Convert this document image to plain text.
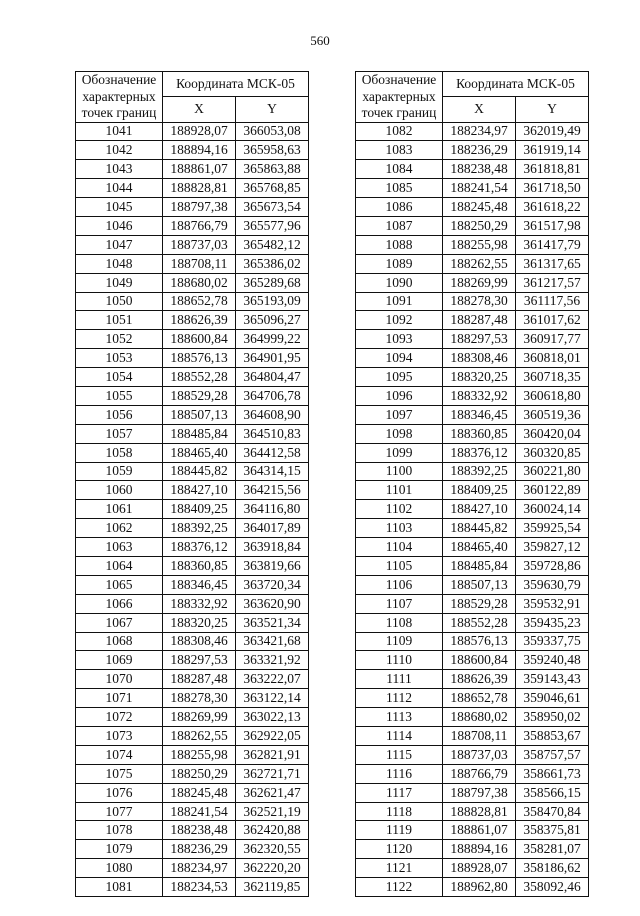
560
Обозначение характерных точек границ	Координата МСК-05	
	X	Y
1041	188928,07	366053,08
1042	188894,16	365958,63
1043	188861,07	365863,88
1044	188828,81	365768,85
1045	188797,38	365673,54
1046	188766,79	365577,96
1047	188737,03	365482,12
1048	188708,11	365386,02
1049	188680,02	365289,68
1050	188652,78	365193,09
1051	188626,39	365096,27
1052	188600,84	364999,22
1053	188576,13	364901,95
1054	188552,28	364804,47
1055	188529,28	364706,78
1056	188507,13	364608,90
1057	188485,84	364510,83
1058	188465,40	364412,58
1059	188445,82	364314,15
1060	188427,10	364215,56
1061	188409,25	364116,80
1062	188392,25	364017,89
1063	188376,12	363918,84
1064	188360,85	363819,66
1065	188346,45	363720,34
1066	188332,92	363620,90
1067	188320,25	363521,34
1068	188308,46	363421,68
1069	188297,53	363321,92
1070	188287,48	363222,07
1071	188278,30	363122,14
1072	188269,99	363022,13
1073	188262,55	362922,05
1074	188255,98	362821,91
1075	188250,29	362721,71
1076	188245,48	362621,47
1077	188241,54	362521,19
1078	188238,48	362420,88
1079	188236,29	362320,55
1080	188234,97	362220,20
1081	188234,53	362119,85
Обозначение характерных точек границ	Координата МСК-05	
	X	Y
1082	188234,97	362019,49
1083	188236,29	361919,14
1084	188238,48	361818,81
1085	188241,54	361718,50
1086	188245,48	361618,22
1087	188250,29	361517,98
1088	188255,98	361417,79
1089	188262,55	361317,65
1090	188269,99	361217,57
1091	188278,30	361117,56
1092	188287,48	361017,62
1093	188297,53	360917,77
1094	188308,46	360818,01
1095	188320,25	360718,35
1096	188332,92	360618,80
1097	188346,45	360519,36
1098	188360,85	360420,04
1099	188376,12	360320,85
1100	188392,25	360221,80
1101	188409,25	360122,89
1102	188427,10	360024,14
1103	188445,82	359925,54
1104	188465,40	359827,12
1105	188485,84	359728,86
1106	188507,13	359630,79
1107	188529,28	359532,91
1108	188552,28	359435,23
1109	188576,13	359337,75
1110	188600,84	359240,48
1111	188626,39	359143,43
1112	188652,78	359046,61
1113	188680,02	358950,02
1114	188708,11	358853,67
1115	188737,03	358757,57
1116	188766,79	358661,73
1117	188797,38	358566,15
1118	188828,81	358470,84
1119	188861,07	358375,81
1120	188894,16	358281,07
1121	188928,07	358186,62
1122	188962,80	358092,46
